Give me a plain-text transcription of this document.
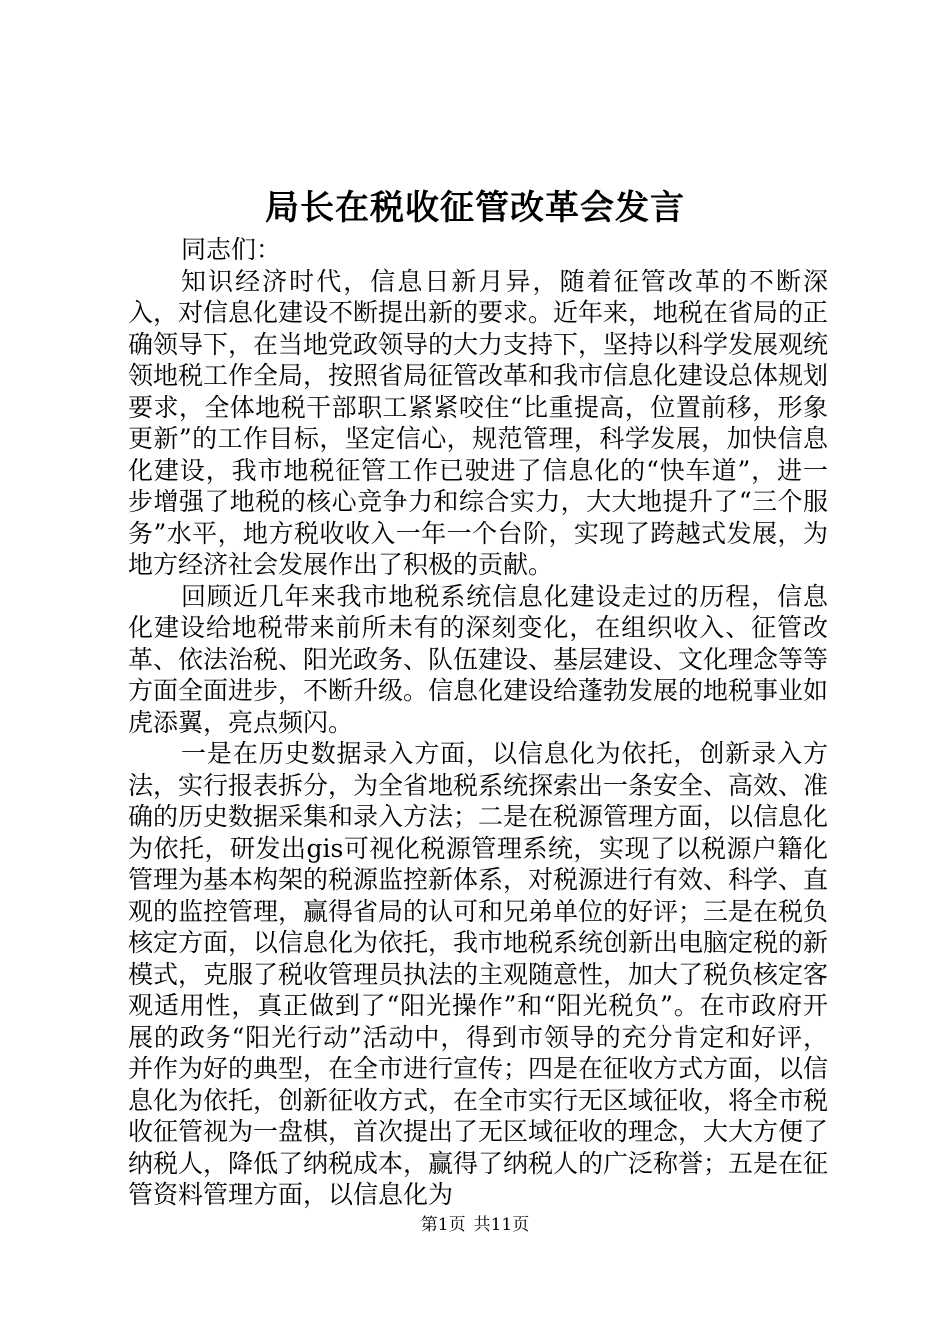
局长在税收征管改革会发言

同志们：

知识经济时代，信息日新月异，随着征管改革的不断深入，对信息化建设不断提出新的要求。近年来，地税在省局的正确领导下，在当地党政领导的大力支持下，坚持以科学发展观统领地税工作全局，按照省局征管改革和我市信息化建设总体规划要求，全体地税干部职工紧紧咬住“比重提高，位置前移，形象更新”的工作目标，坚定信心，规范管理，科学发展，加快信息化建设，我市地税征管工作已驶进了信息化的“快车道”，进一步增强了地税的核心竞争力和综合实力，大大地提升了“三个服务”水平，地方税收收入一年一个台阶，实现了跨越式发展，为地方经济社会发展作出了积极的贡献。

回顾近几年来我市地税系统信息化建设走过的历程，信息化建设给地税带来前所未有的深刻变化，在组织收入、征管改革、依法治税、阳光政务、队伍建设、基层建设、文化理念等等方面全面进步，不断升级。信息化建设给蓬勃发展的地税事业如虎添翼，亮点频闪。

一是在历史数据录入方面，以信息化为依托，创新录入方法，实行报表拆分，为全省地税系统探索出一条安全、高效、准确的历史数据采集和录入方法；二是在税源管理方面，以信息化为依托，研发出gis可视化税源管理系统，实现了以税源户籍化管理为基本构架的税源监控新体系，对税源进行有效、科学、直观的监控管理，赢得省局的认可和兄弟单位的好评；三是在税负核定方面，以信息化为依托，我市地税系统创新出电脑定税的新模式，克服了税收管理员执法的主观随意性，加大了税负核定客观适用性，真正做到了“阳光操作”和“阳光税负”。在市政府开展的政务“阳光行动”活动中，得到市领导的充分肯定和好评，并作为好的典型，在全市进行宣传；四是在征收方式方面，以信息化为依托，创新征收方式，在全市实行无区域征收，将全市税收征管视为一盘棋，首次提出了无区域征收的理念，大大方便了纳税人，降低了纳税成本，赢得了纳税人的广泛称誉；五是在征管资料管理方面，以信息化为

第1页 共11页
